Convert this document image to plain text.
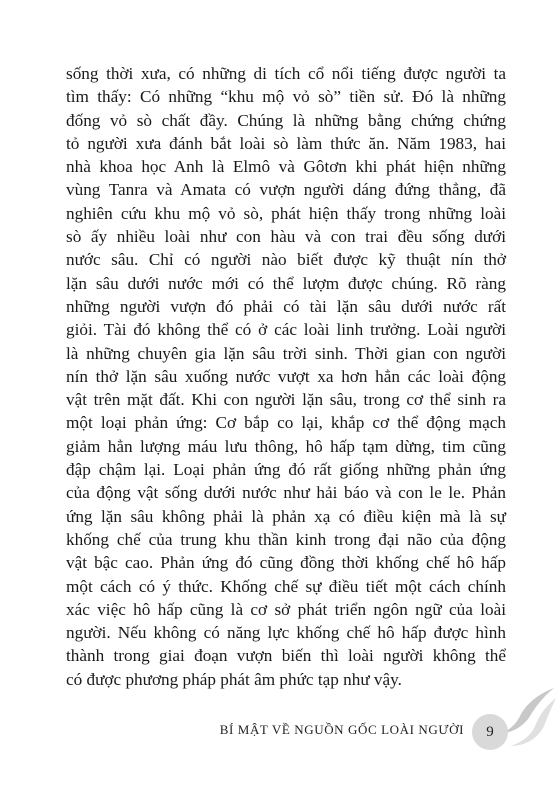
sống thời xưa, có những di tích cổ nổi tiếng được người ta
tìm thấy: Có những “khu mộ vỏ sò” tiền sử. Đó là những
đống vỏ sò chất đầy. Chúng là những bằng chứng chứng
tỏ người xưa đánh bắt loài sò làm thức ăn. Năm 1983, hai
nhà khoa học Anh là Elmô và Gôtơn khi phát hiện những
vùng Tanra và Amata có vượn người dáng đứng thẳng, đã
nghiên cứu khu mộ vỏ sò, phát hiện thấy trong những loài
sò ấy nhiều loài như con hàu và con trai đều sống dưới
nước sâu. Chỉ có người nào biết được kỹ thuật nín thở
lặn sâu dưới nước mới có thể lượm được chúng. Rõ ràng
những người vượn đó phải có tài lặn sâu dưới nước rất
giỏi. Tài đó không thể có ở các loài linh trưởng. Loài người
là những chuyên gia lặn sâu trời sinh. Thời gian con người
nín thở lặn sâu xuống nước vượt xa hơn hẳn các loài động
vật trên mặt đất. Khi con người lặn sâu, trong cơ thể sinh ra
một loại phản ứng: Cơ bắp co lại, khắp cơ thể động mạch
giảm hẳn lượng máu lưu thông, hô hấp tạm dừng, tim cũng
đập chậm lại. Loại phản ứng đó rất giống những phản ứng
của động vật sống dưới nước như hải báo và con le le. Phản
ứng lặn sâu không phải là phản xạ có điều kiện mà là sự
khống chế của trung khu thần kinh trong đại não của động
vật bậc cao. Phản ứng đó cũng đồng thời khống chế hô hấp
một cách có ý thức. Khống chế sự điều tiết một cách chính
xác việc hô hấp cũng là cơ sở phát triển ngôn ngữ của loài
người. Nếu không có năng lực khống chế hô hấp được hình
thành trong giai đoạn vượn biến thì loài người không thể
có được phương pháp phát âm phức tạp như vậy.

BÍ MẬT VỀ NGUỒN GỐC LOÀI NGƯỜI	9
